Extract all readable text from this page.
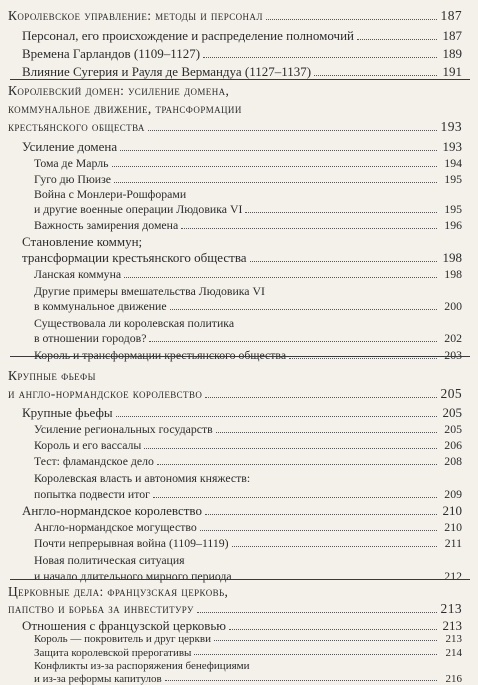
Королевское управление: методы и персонал	187
Персонал, его происхождение и распределение полномочий	187
Времена Гарландов (1109–1127)	189
Влияние Сугерия и Рауля де Вермандуа (1127–1137)	191
Королевский домен: усиление домена,
коммунальное движение, трансформации
крестьянского общества	193
Усиление домена	193
Тома де Марль	194
Гуго дю Пюизе	195
Война с Монлери-Рошфорами
и другие военные операции Людовика VI	195
Важность замирения домена	196
Становление коммун;
трансформации крестьянского общества	198
Ланская коммуна	198
Другие примеры вмешательства Людовика VI
в коммунальное движение	200
Существовала ли королевская политика
в отношении городов?	202
Король и трансформации крестьянского общества	203
Крупные фьефы
и англо-нормандское королевство	205
Крупные фьефы	205
Усиление региональных государств	205
Король и его вассалы	206
Тест: фламандское дело	208
Королевская власть и автономия княжеств:
попытка подвести итог	209
Англо-нормандское королевство	210
Англо-нормандское могущество	210
Почти непрерывная война (1109–1119)	211
Новая политическая ситуация
и начало длительного мирного периода	212
Церковные дела: французская церковь,
папство и борьба за инвеституру	213
Отношения с французской церковью	213
Король — покровитель и друг церкви	213
Защита королевской прерогативы	214
Конфликты из-за распоряжения бенефициями
и из-за реформы капитулов	216
